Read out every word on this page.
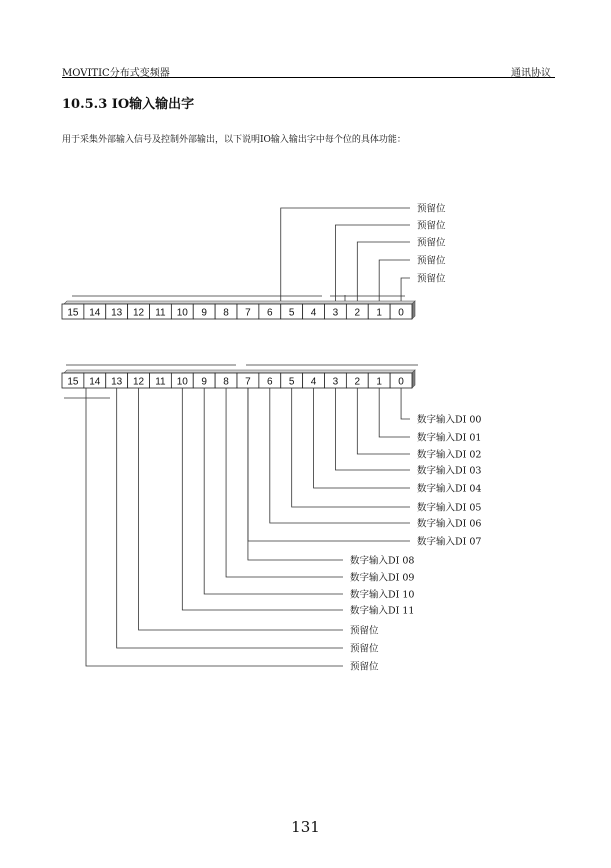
MOVITIC分布式变频器	通讯协议
10.5.3 IO输入输出字
用于采集外部输入信号及控制外部输出，以下说明IO输入输出字中每个位的具体功能：
15 14 13 12 11 10 9 8 7 6 5 4 3 2 1 0
预留位
预留位
预留位
预留位
预留位
15 14 13 12 11 10 9 8 7 6 5 4 3 2 1 0
数字输入DI 00
数字输入DI 01
数字输入DI 02
数字输入DI 03
数字输入DI 04
数字输入DI 05
数字输入DI 06
数字输入DI 07
数字输入DI 08
数字输入DI 09
数字输入DI 10
数字输入DI 11
预留位
预留位
预留位
131
